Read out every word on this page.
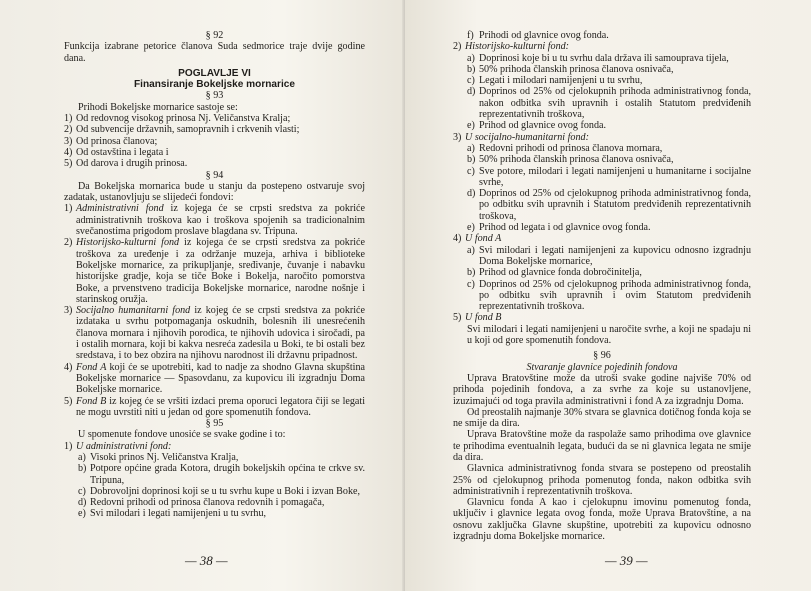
§ 92
Funkcija izabrane petorice članova Suda sedmorice traje dvije godine dana.
POGLAVLJE VI
Finansiranje Bokeljske mornarice
§ 93
Prihodi Bokeljske mornarice sastoje se:
1) Od redovnog visokog prinosa Nj. Veličanstva Kralja;
2) Od subvencije državnih, samopravnih i crkvenih vlasti;
3) Od prinosa članova;
4) Od ostavština i legata i
5) Od darova i drugih prinosa.
§ 94
Da Bokeljska mornarica bude u stanju da postepeno ostvaruje svoj zadatak, ustanovljuju se slijedeći fondovi:
1) Administrativni fond iz kojega će se crpsti sredstva za pokriće administrativnih troškova kao i troškova spojenih sa tradicionalnim svečanostima prigodom proslave blagdana sv. Tripuna.
2) Historijsko-kulturni fond iz kojega će se crpsti sredstva za pokriće troškova za uređenje i za održanje muzeja, arhiva i biblioteke Bokeljske mornarice, za prikupljanje, sređivanje, čuvanje i nabavku historijske gradje, koja se tiče Boke i Bokelja, naročito pomorstva Boke, a prvenstveno tradicija Bokeljske mornarice, narodne nošnje i starinskog oružja.
3) Socijalno humanitarni fond iz kojeg će se crpsti sredstva za pokriće izdataka u svrhu potpomaganja oskudnih, bolesnih ili unesrećenih članova mornara i njihovih porodica, te njihovih udovica i siročadi, pa i ostalih mornara, koji bi kakva nesreća zadesila u Boki, te bi ostali bez sredstava, i to bez obzira na njihovu narodnost ili državnu pripadnost.
4) Fond A koji će se upotrebiti, kad to nadje za shodno Glavna skupština Bokeljske mornarice — Spasovdanu, za kupovicu ili izgradnju Doma Bokeljske mornarice.
5) Fond B iz kojeg će se vršiti izdaci prema oporuci legatora čiji se legati ne mogu uvrstiti niti u jedan od gore spomenutih fondova.
§ 95
U spomenute fondove unosiće se svake godine i to:
1) U administrativni fond:
a) Visoki prinos Nj. Veličanstva Kralja,
b) Potpore općine grada Kotora, drugih bokeljskih općina te crkve sv. Tripuna,
c) Dobrovoljni doprinosi koji se u tu svrhu kupe u Boki i izvan Boke,
d) Redovni prihodi od prinosa članova redovnih i pomagača,
e) Svi milodari i legati namijenjeni u tu svrhu,
— 38 —
f) Prihodi od glavnice ovog fonda.
2) Historijsko-kulturni fond:
a) Doprinosi koje bi u tu svrhu dala država ili samouprava tijela,
b) 50% prihoda članskih prinosa članova osnivača,
c) Legati i milodari namijenjeni u tu svrhu,
d) Doprinos od 25% od cjelokupnih prihoda administrativnog fonda, nakon odbitka svih upravnih i ostalih Statutom predviđenih reprezentativnih troškova,
e) Prihod od glavnice ovog fonda.
3) U socijalno-humanitarni fond:
a) Redovni prihodi od prinosa članova mornara,
b) 50% prihoda članskih prinosa članova osnivača,
c) Sve potore, milodari i legati namijenjeni u humanitarne i socijalne svrhe,
d) Doprinos od 25% od cjelokupnog prihoda administrativnog fonda, po odbitku svih upravnih i Statutom predviđenih reprezentativnih troškova,
e) Prihod od legata i od glavnice ovog fonda.
4) U fond A
a) Svi milodari i legati namijenjeni za kupovicu odnosno izgradnju Doma Bokeljske mornarice,
b) Prihod od glavnice fonda dobročinitelja,
c) Doprinos od 25% od cjelokupnog prihoda administrativnog fonda, po odbitku svih upravnih i ovim Statutom predviđenih reprezentativnih troškova.
5) U fond B
Svi milodari i legati namijenjeni u naročite svrhe, a koji ne spadaju ni u koji od gore spomenutih fondova.
§ 96
Stvaranje glavnice pojedinih fondova
Uprava Bratovštine može da utroši svake godine najviše 70% od prihoda pojedinih fondova, a za svrhe za koje su ustanovljene, izuzimajući od toga pravila administrativni i fond A za izgradnju Doma.
Od preostalih najmanje 30% stvara se glavnica dotičnog fonda koja se ne smije da dira.
Uprava Bratovštine može da raspolaže samo prihodima ove glavnice te prihodima eventualnih legata, budući da se ni glavnica legata ne smije da dira.
Glavnica administrativnog fonda stvara se postepeno od preostalih 25% od cjelokupnog prihoda pomenutog fonda, nakon odbitka svih administrativnih i reprezentativnih troškova.
Glavnicu fonda A kao i cjelokupnu imovinu pomenutog fonda, uključiv i glavnice legata ovog fonda, može Uprava Bratovštine, a na osnovu zaključka Glavne skupštine, upotrebiti za kupovicu odnosno izgradnju doma Bokeljske mornarice.
— 39 —
